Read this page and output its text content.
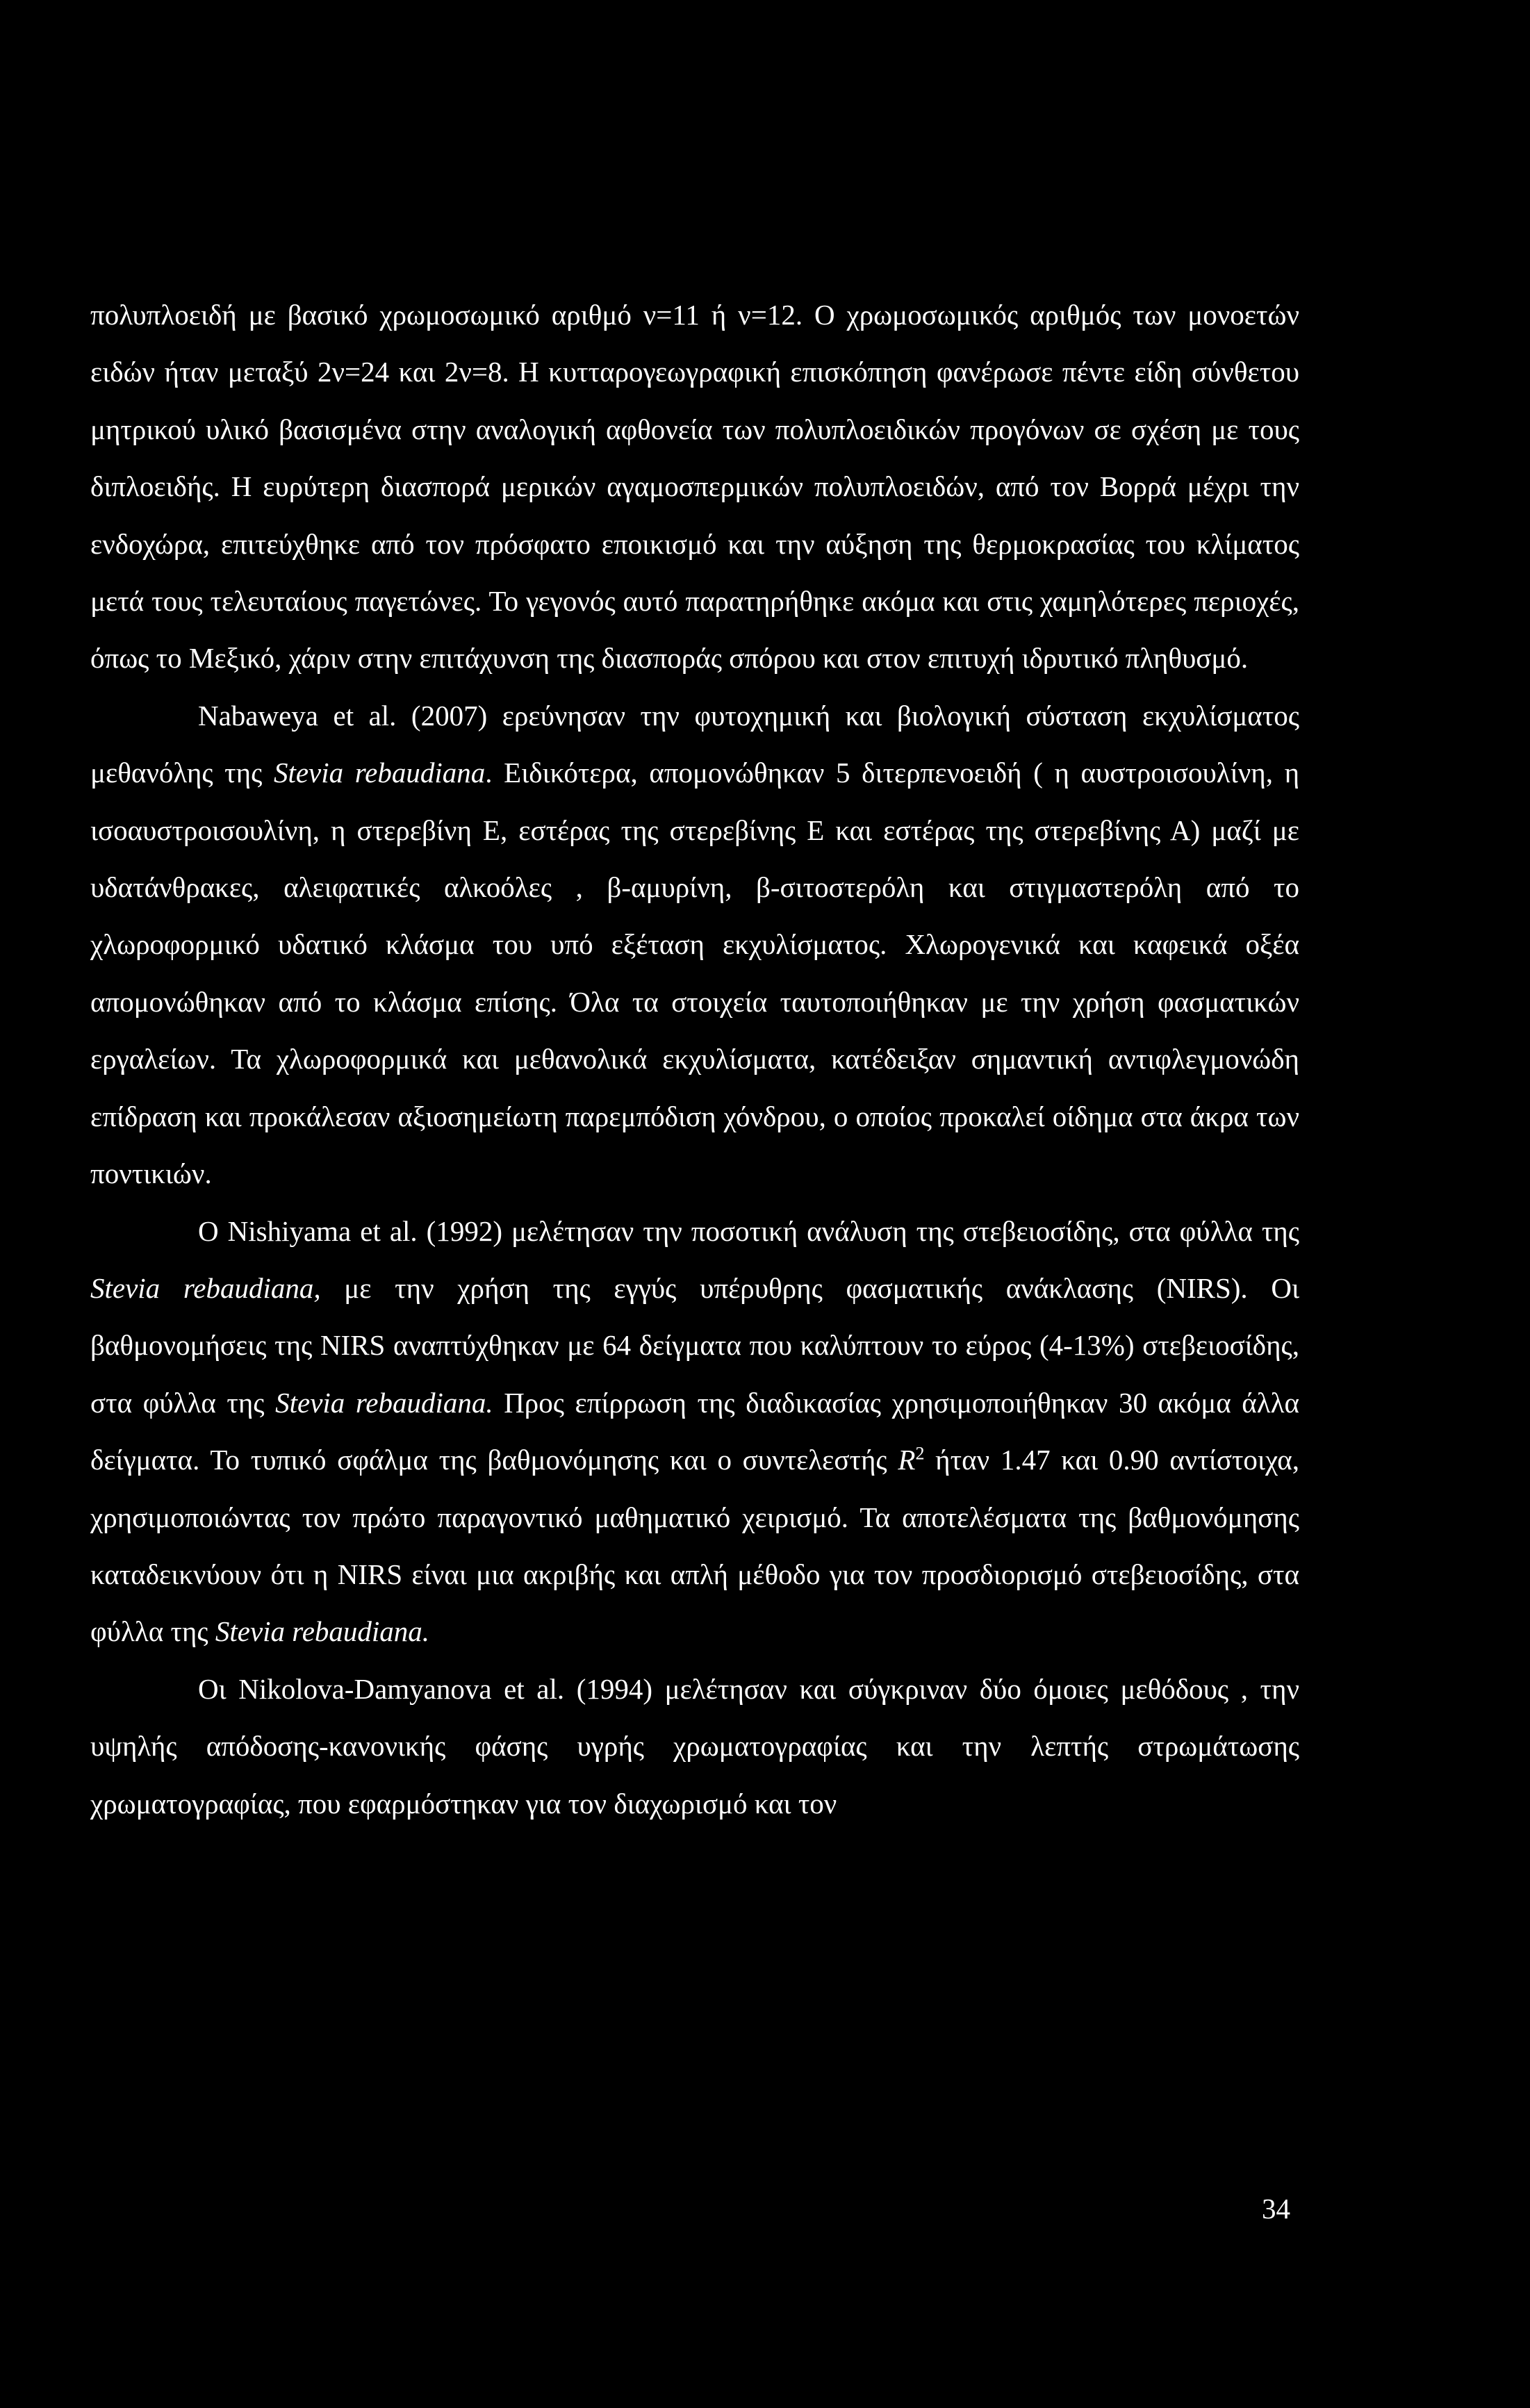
πολυπλοειδή με βασικό χρωμοσωμικό αριθμό ν=11 ή ν=12. Ο χρωμοσωμικός αριθμός των μονοετών ειδών ήταν μεταξύ 2ν=24 και 2ν=8. Η κυτταρογεωγραφική επισκόπηση φανέρωσε πέντε είδη σύνθετου μητρικού υλικό βασισμένα στην αναλογική αφθονεία των πολυπλοειδικών προγόνων σε σχέση με τους διπλοειδής. Η ευρύτερη διασπορά μερικών αγαμοσπερμικών πολυπλοειδών, από τον Βορρά μέχρι την ενδοχώρα, επιτεύχθηκε από τον πρόσφατο εποικισμό και την αύξηση της θερμοκρασίας του κλίματος μετά τους τελευταίους παγετώνες. Το γεγονός αυτό παρατηρήθηκε ακόμα και στις χαμηλότερες περιοχές, όπως το Μεξικό, χάριν στην επιτάχυνση της διασποράς σπόρου και στον επιτυχή ιδρυτικό πληθυσμό.

Nabaweya et al. (2007) ερεύνησαν την φυτοχημική και βιολογική σύσταση εκχυλίσματος μεθανόλης της Stevia rebaudiana. Ειδικότερα, απομονώθηκαν 5 διτερπενοειδή ( η αυστροισουλίνη, η ισοαυστροισουλίνη, η στερεβίνη Ε, εστέρας της στερεβίνης Ε και εστέρας της στερεβίνης Α) μαζί με υδατάνθρακες, αλειφατικές αλκοόλες , β-αμυρίνη, β-σιτοστερόλη και στιγμαστερόλη από το χλωροφορμικό υδατικό κλάσμα του υπό εξέταση εκχυλίσματος. Χλωρογενικά και καφεικά οξέα απομονώθηκαν από το κλάσμα επίσης. Όλα τα στοιχεία ταυτοποιήθηκαν με την χρήση φασματικών εργαλείων. Τα χλωροφορμικά και μεθανολικά εκχυλίσματα, κατέδειξαν σημαντική αντιφλεγμονώδη επίδραση και προκάλεσαν αξιοσημείωτη παρεμπόδιση χόνδρου, ο οποίος προκαλεί οίδημα στα άκρα των ποντικιών.

Ο Nishiyama et al. (1992) μελέτησαν την ποσοτική ανάλυση της στεβειοσίδης, στα φύλλα της Stevia rebaudiana, με την χρήση της εγγύς υπέρυθρης φασματικής ανάκλασης (NIRS). Οι βαθμονομήσεις της NIRS αναπτύχθηκαν με 64 δείγματα που καλύπτουν το εύρος (4-13%) στεβειοσίδης, στα φύλλα της Stevia rebaudiana. Προς επίρρωση της διαδικασίας χρησιμοποιήθηκαν 30 ακόμα άλλα δείγματα. Το τυπικό σφάλμα της βαθμονόμησης και ο συντελεστής $R^2$ ήταν 1.47 και 0.90 αντίστοιχα, χρησιμοποιώντας τον πρώτο παραγοντικό μαθηματικό χειρισμό. Τα αποτελέσματα της βαθμονόμησης καταδεικνύουν ότι η NIRS είναι μια ακριβής και απλή μέθοδο για τον προσδιορισμό στεβειοσίδης, στα φύλλα της Stevia rebaudiana.

Οι Nikolova-Damyanova et al. (1994) μελέτησαν και σύγκριναν δύο όμοιες μεθόδους , την υψηλής απόδοσης-κανονικής φάσης υγρής χρωματογραφίας και την λεπτής στρωμάτωσης χρωματογραφίας, που εφαρμόστηκαν για τον διαχωρισμό και τον

34
